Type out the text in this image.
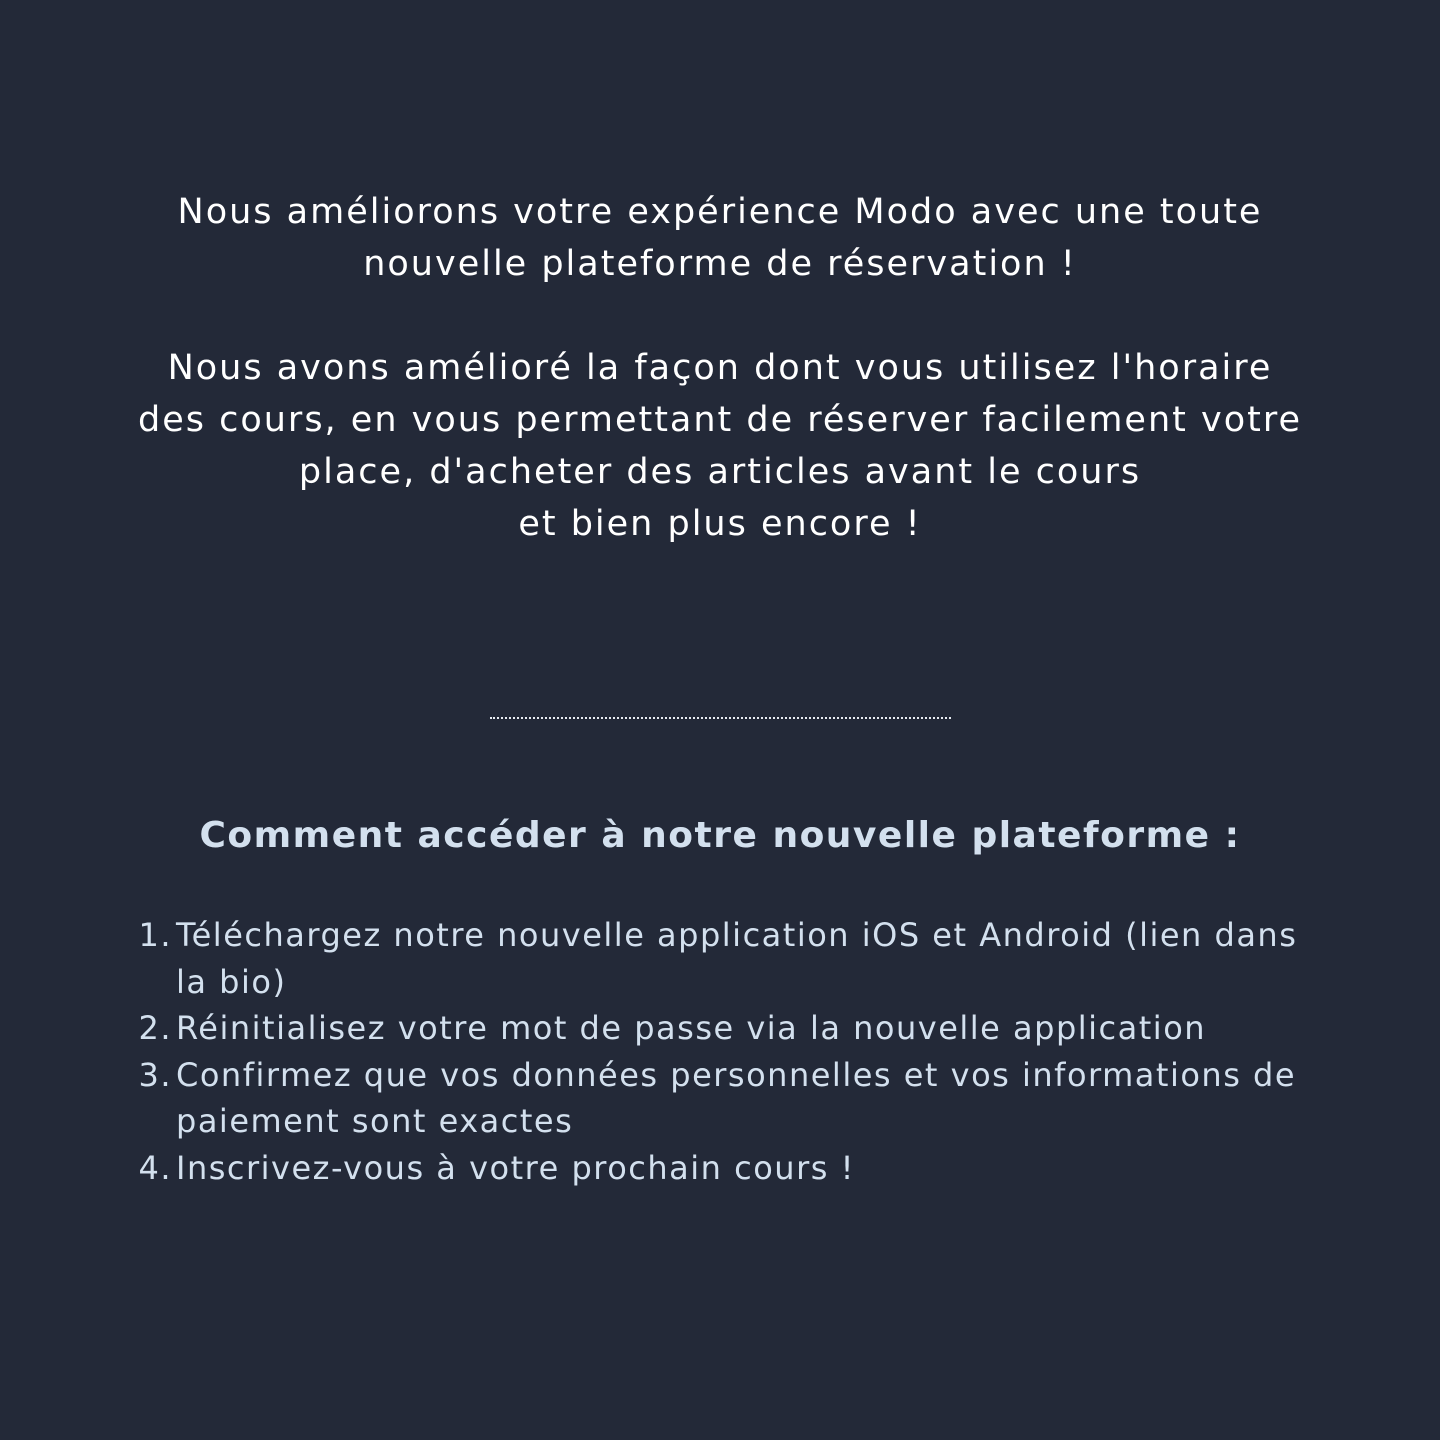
Nous améliorons votre expérience Modo avec une toute
nouvelle plateforme de réservation !

Nous avons amélioré la façon dont vous utilisez l'horaire
des cours, en vous permettant de réserver facilement votre
place, d'acheter des articles avant le cours
et bien plus encore !

Comment accéder à notre nouvelle plateforme :
1. Téléchargez notre nouvelle application iOS et Android (lien dans la bio)
2. Réinitialisez votre mot de passe via la nouvelle application
3. Confirmez que vos données personnelles et vos informations de paiement sont exactes
4. Inscrivez-vous à votre prochain cours !
